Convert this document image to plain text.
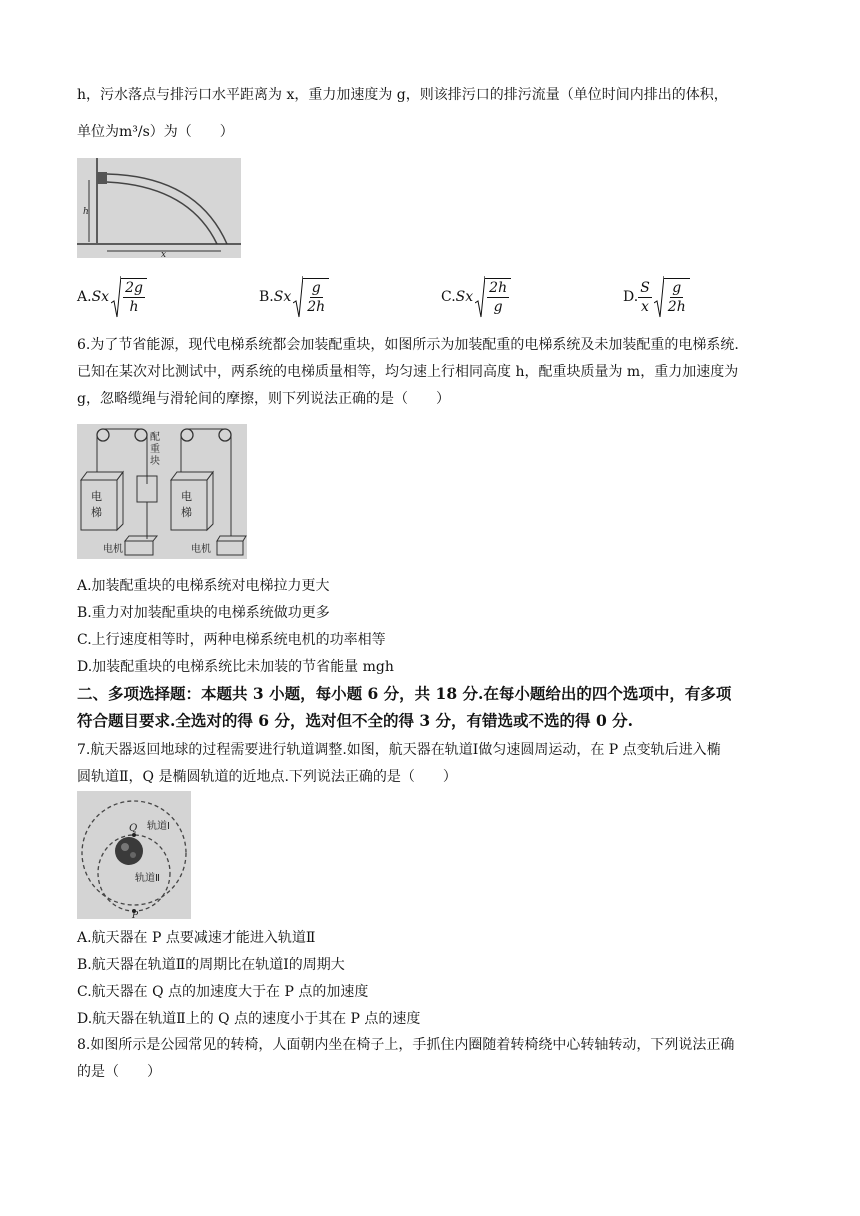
h，污水落点与排污口水平距离为 x，重力加速度为 g，则该排污口的排污流量（单位时间内排出的体积，
单位为m³/s）为（　　）
h
x
A. Sx $\frac{2g}{h}$	B. Sx $\frac{g}{2h}$	C. Sx $\frac{2h}{g}$	D. $\frac{S}{x} \frac{g}{2h}$
6.为了节省能源，现代电梯系统都会加装配重块，如图所示为加装配重的电梯系统及未加装配重的电梯系统.
已知在某次对比测试中，两系统的电梯质量相等，均匀速上行相同高度 h，配重块质量为 m，重力加速度为
g，忽略缆绳与滑轮间的摩擦，则下列说法正确的是（　　）
电
梯
配
重
块
电机
电
梯
电机
A.加装配重块的电梯系统对电梯拉力更大
B.重力对加装配重块的电梯系统做功更多
C.上行速度相等时，两种电梯系统电机的功率相等
D.加装配重块的电梯系统比未加装的节省能量 mgh
二、多项选择题：本题共 3 小题，每小题 6 分，共 18 分.在每小题给出的四个选项中，有多项
符合题目要求.全选对的得 6 分，选对但不全的得 3 分，有错选或不选的得 0 分.
7.航天器返回地球的过程需要进行轨道调整.如图，航天器在轨道Ⅰ做匀速圆周运动，在 P 点变轨后进入椭
圆轨道Ⅱ，Q 是椭圆轨道的近地点.下列说法正确的是（　　）
Q
P
轨道Ⅰ
轨道Ⅱ
A.航天器在 P 点要减速才能进入轨道Ⅱ
B.航天器在轨道Ⅱ的周期比在轨道Ⅰ的周期大
C.航天器在 Q 点的加速度大于在 P 点的加速度
D.航天器在轨道Ⅱ上的 Q 点的速度小于其在 P 点的速度
8.如图所示是公园常见的转椅，人面朝内坐在椅子上，手抓住内圈随着转椅绕中心转轴转动，下列说法正确
的是（　　）
